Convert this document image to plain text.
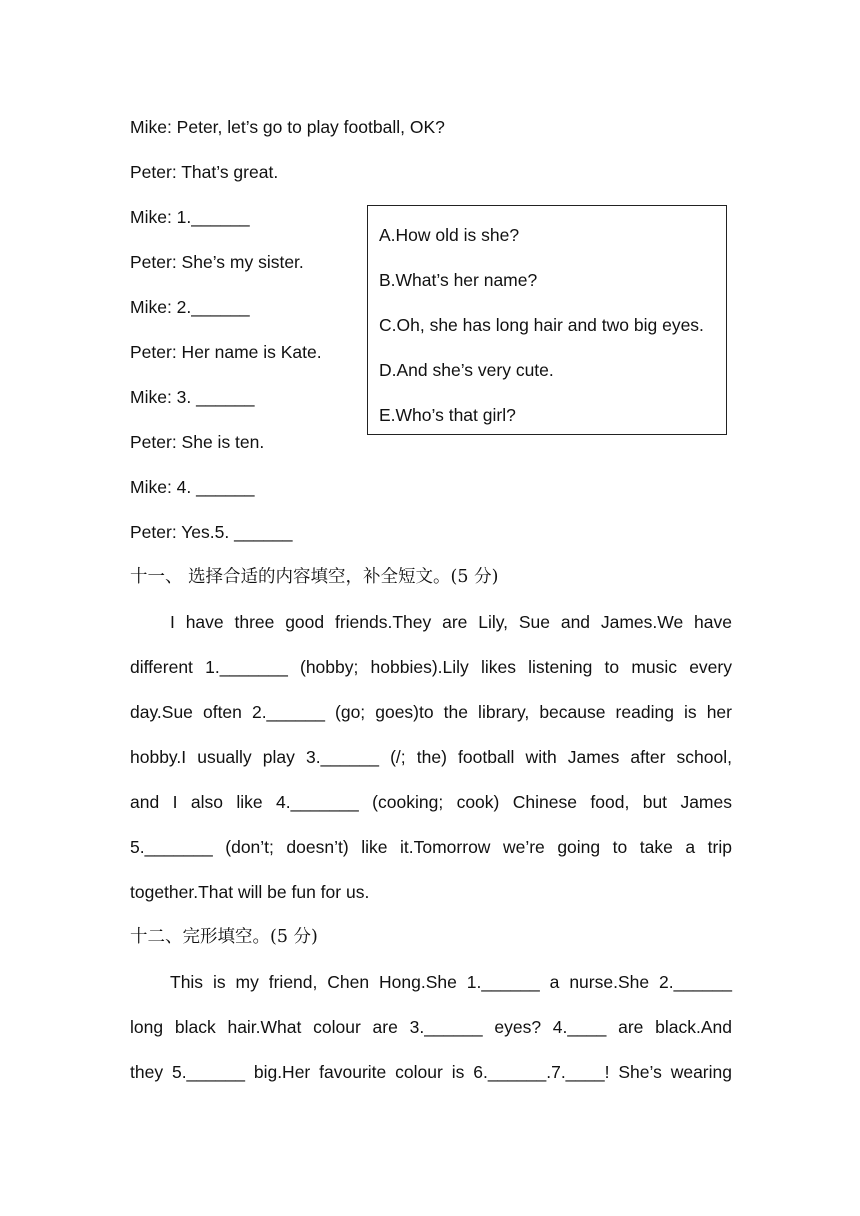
Mike: Peter, let’s go to play football, OK?
Peter: That’s great.
Mike: 1.______
Peter: She’s my sister.
Mike: 2.______
Peter: Her name is Kate.
Mike: 3. ______
Peter: She is ten.
Mike: 4. ______
Peter: Yes.5. ______
A.How old is she?
B.What’s her name?
C.Oh, she has long hair and two big eyes.
D.And she’s very cute.
E.Who’s that girl?
十一、 选择合适的内容填空，补全短文。(5 分)
I have three good friends.They are Lily, Sue and James.We have
different 1._______ (hobby; hobbies).Lily likes listening to music every
day.Sue often 2.______ (go; goes)to the library, because reading is her
hobby.I usually play 3.______ (/; the) football with James after school,
and I also like 4._______ (cooking; cook) Chinese food, but James
5._______ (don’t; doesn’t) like it.Tomorrow we’re going to take a trip
together.That will be fun for us.
十二、完形填空。(5 分)
This is my friend, Chen Hong.She 1.______ a nurse.She 2.______
long black hair.What colour are 3.______ eyes? 4.____ are black.And
they 5.______ big.Her favourite colour is 6.______.7.____! She’s wearing
